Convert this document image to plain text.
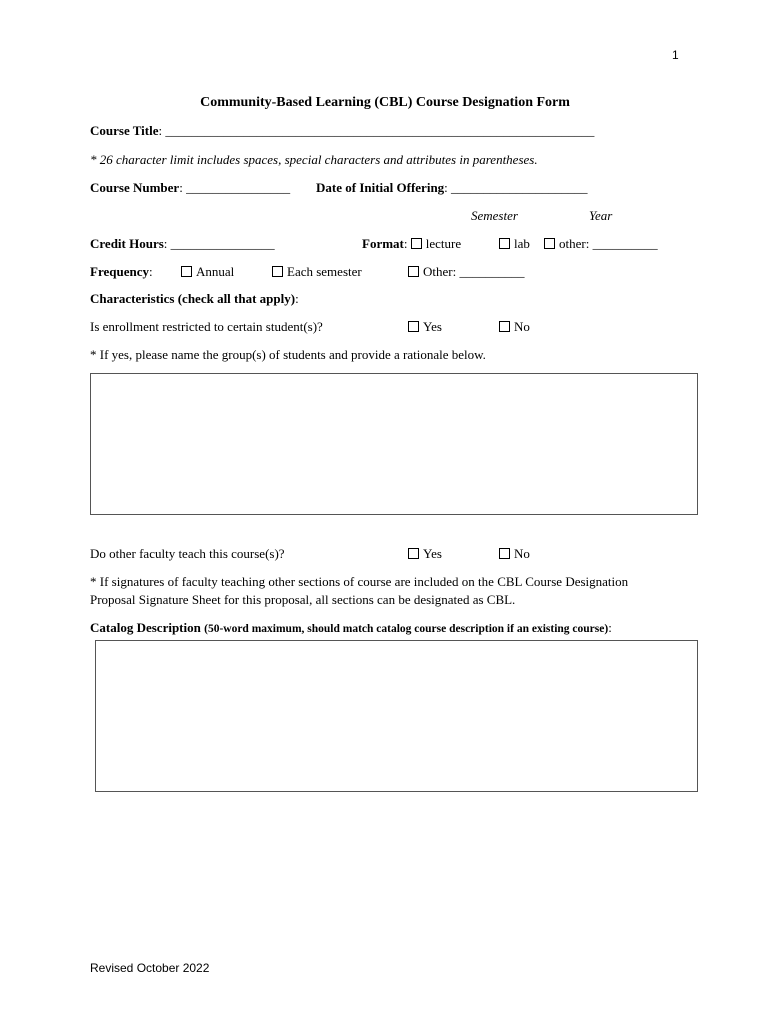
1
Community-Based Learning (CBL) Course Designation Form
Course Title: __________________________________________________________________
* 26 character limit includes spaces, special characters and attributes in parentheses.
Course Number: ________________ Date of Initial Offering: _____________________
Semester	Year
Credit Hours: ________________	Format: lecture	lab	other: __________
Frequency:	Annual	Each semester	Other: __________
Characteristics (check all that apply):
Is enrollment restricted to certain student(s)?	Yes	No
* If yes, please name the group(s) of students and provide a rationale below.
Do other faculty teach this course(s)?	Yes	No
* If signatures of faculty teaching other sections of course are included on the CBL Course Designation
Proposal Signature Sheet for this proposal, all sections can be designated as CBL.
Catalog Description (50-word maximum, should match catalog course description if an existing course):
Revised October 2022
